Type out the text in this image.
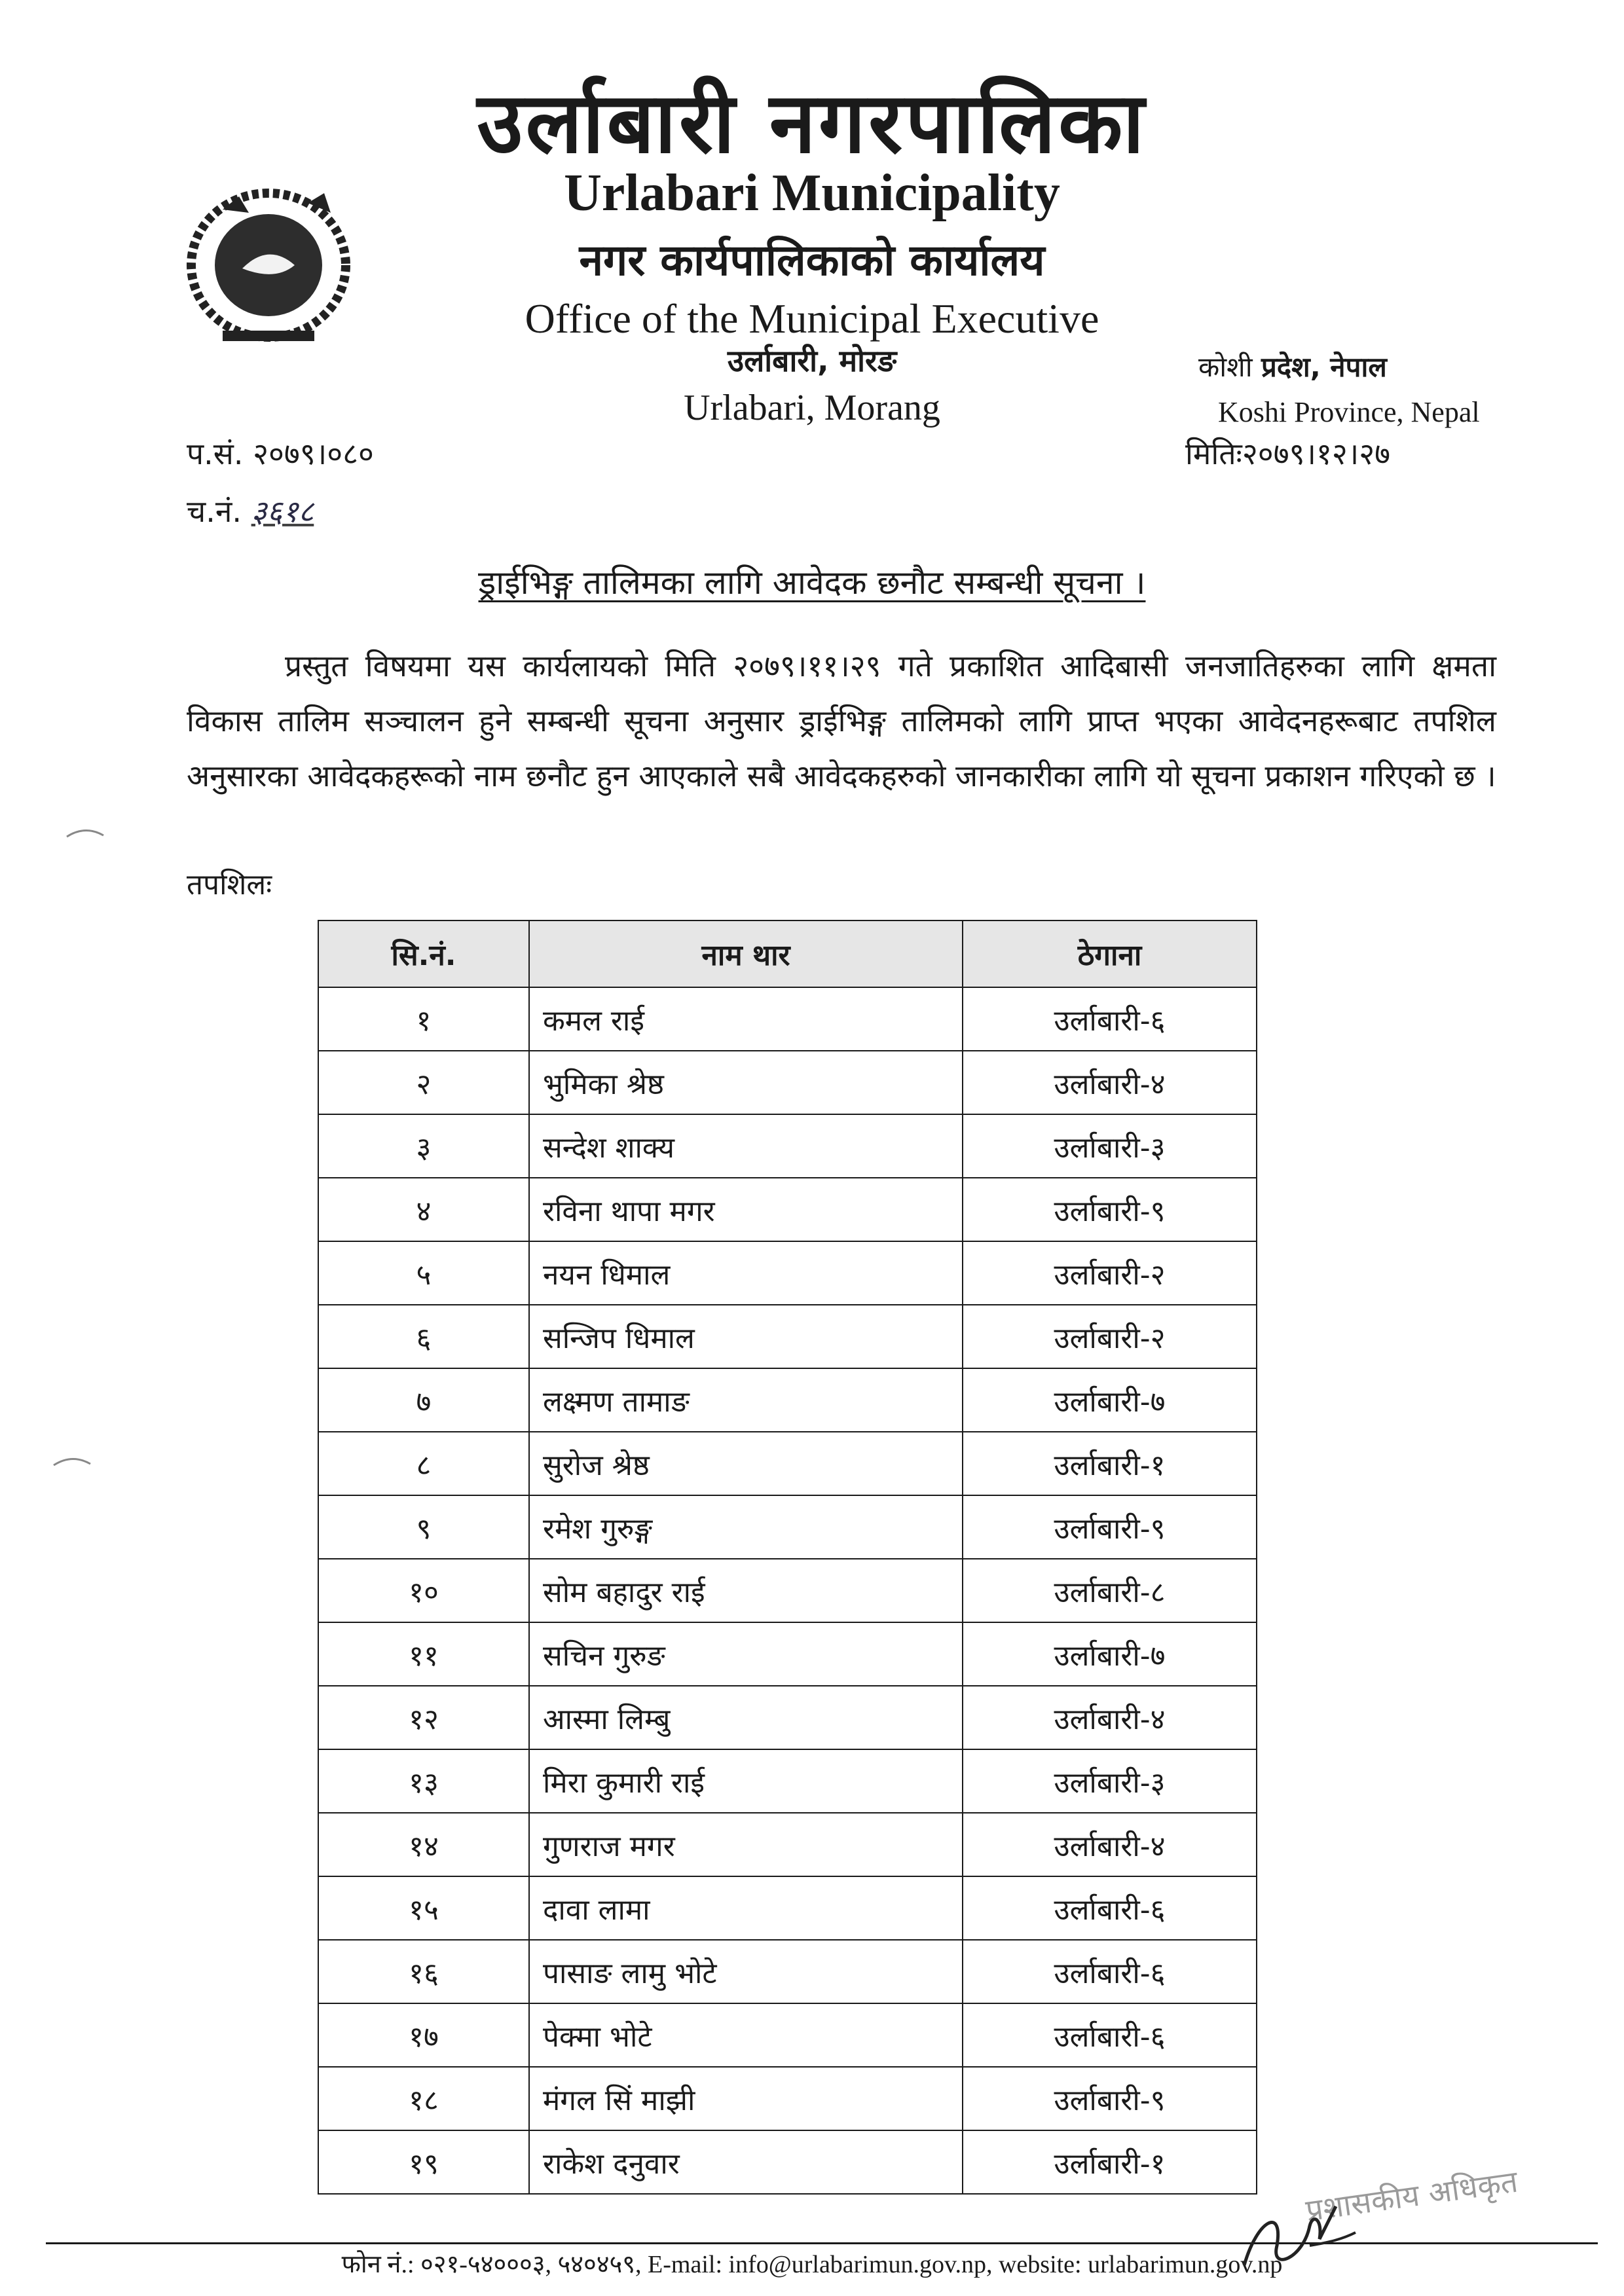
उर्लाबारी नगरपालिका
Urlabari Municipality
नगर कार्यपालिकाको कार्यालय
Office of the Municipal Executive
उर्लाबारी, मोरङ
Urlabari, Morang
कोशी प्रदेश, नेपाल
Koshi Province, Nepal
प.सं. २०७९।०८०
च.नं. ३६१८
मितिः२०७९।१२।२७
ड्राईभिङ्ग तालिमका लागि आवेदक छनौट सम्बन्धी सूचना ।

प्रस्तुत विषयमा यस कार्यलायको मिति २०७९।११।२९ गते प्रकाशित आदिबासी जनजातिहरुका लागि क्षमता विकास तालिम सञ्चालन हुने सम्बन्धी सूचना अनुसार ड्राईभिङ्ग तालिमको लागि प्राप्त भएका आवेदनहरूबाट तपशिल अनुसारका आवेदकहरूको नाम छनौट हुन आएकाले सबै आवेदकहरुको जानकारीका लागि यो सूचना प्रकाशन गरिएको छ ।

तपशिलः
सि.नं.	नाम थार	ठेगाना
१	कमल राई	उर्लाबारी-६
२	भुमिका श्रेष्ठ	उर्लाबारी-४
३	सन्देश शाक्य	उर्लाबारी-३
४	रविना थापा मगर	उर्लाबारी-९
५	नयन धिमाल	उर्लाबारी-२
६	सन्जिप धिमाल	उर्लाबारी-२
७	लक्ष्मण तामाङ	उर्लाबारी-७
८	सुरोज श्रेष्ठ	उर्लाबारी-१
९	रमेश गुरुङ्ग	उर्लाबारी-९
१०	सोम बहादुर राई	उर्लाबारी-८
११	सचिन गुरुङ	उर्लाबारी-७
१२	आस्मा लिम्बु	उर्लाबारी-४
१३	मिरा कुमारी राई	उर्लाबारी-३
१४	गुणराज मगर	उर्लाबारी-४
१५	दावा लामा	उर्लाबारी-६
१६	पासाङ लामु भोटे	उर्लाबारी-६
१७	पेक्मा भोटे	उर्लाबारी-६
१८	मंगल सिं माझी	उर्लाबारी-९
१९	राकेश दनुवार	उर्लाबारी-१
फोन नं.: ०२१-५४०००३, ५४०४५९, E-mail: info@urlabarimun.gov.np, website: urlabarimun.gov.np
प्रशासकीय अधिकृत
